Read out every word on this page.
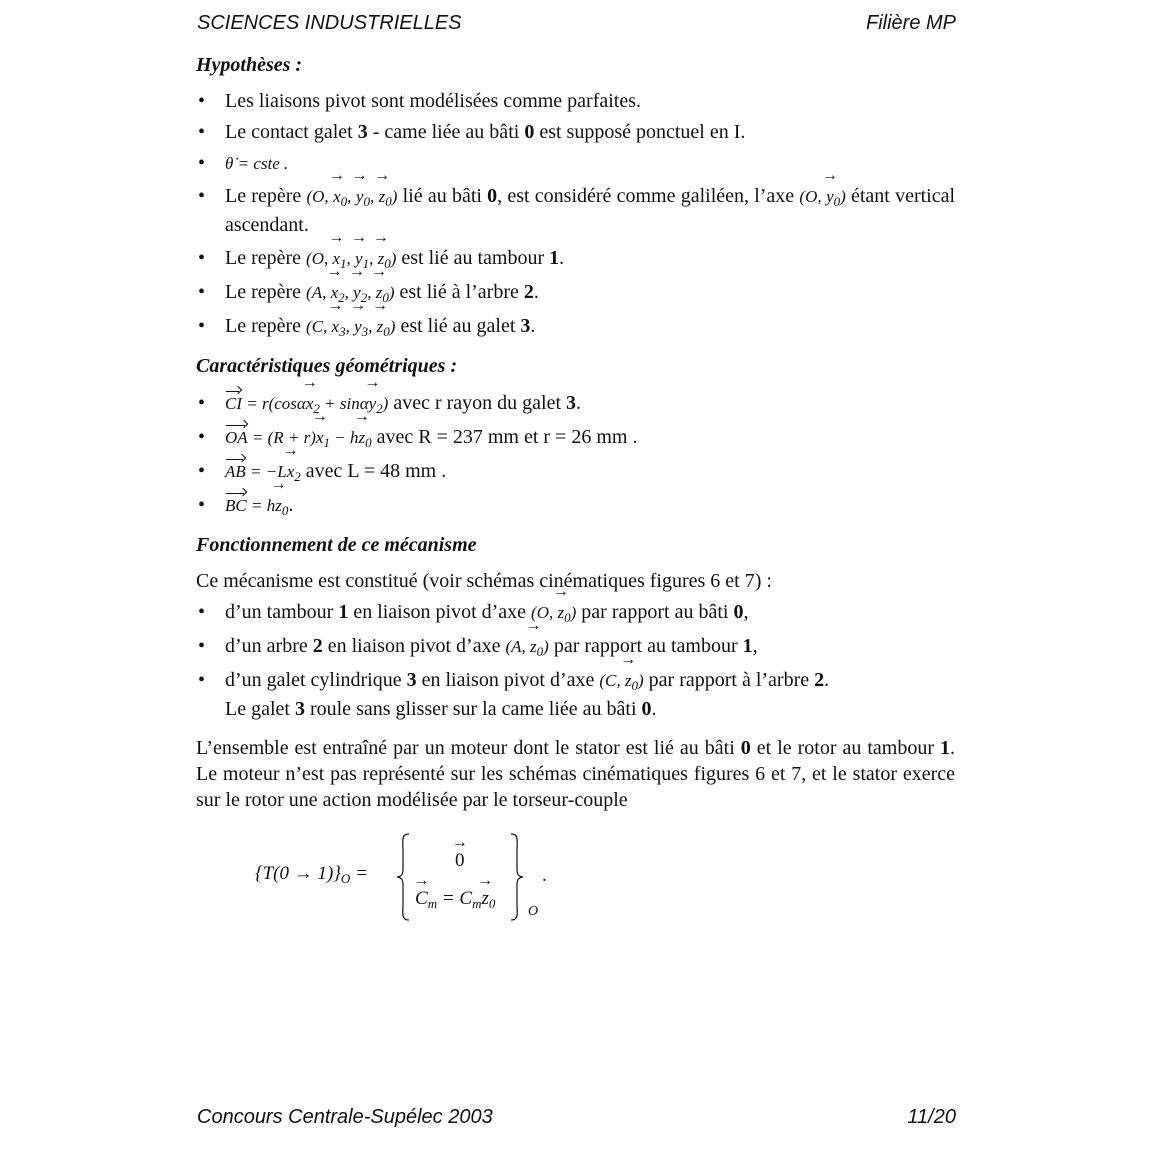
SCIENCES INDUSTRIELLES	Filière MP
Hypothèses :
• Les liaisons pivot sont modélisées comme parfaites.
• Le contact galet 3 - came liée au bâti 0 est supposé ponctuel en I.
• θ̇ = cste .
• Le repère (O, → $x_0$, → $y_0$, → $z_0$) lié au bâti 0, est considéré comme galiléen, l’axe (O, → $y_0$) étant vertical ascendant.
• Le repère (O, → $x_1$, → $y_1$, → $z_0$) est lié au tambour 1.
• Le repère (A, → $x_2$, → $y_2$, → $z_0$) est lié à l’arbre 2.
• Le repère (C, → $x_3$, → $y_3$, → $z_0$) est lié au galet 3.
Caractéristiques géométriques :
• CI = $r(\cos\alpha\to x_2 + \sin\alpha\to y_2)$ avec r rayon du galet 3.
• OA = $(R + r)\to x_1 - h\to z_0$ avec R = 237 mm et r = 26 mm .
• AB = $-L\to x_2$ avec L = 48 mm .
• BC = $h\to z_0$.
Fonctionnement de ce mécanisme
Ce mécanisme est constitué (voir schémas cinématiques figures 6 et 7) :
• d’un tambour 1 en liaison pivot d’axe (O, → $z_0$) par rapport au bâti 0,
• d’un arbre 2 en liaison pivot d’axe (A, → $z_0$) par rapport au tambour 1,
• d’un galet cylindrique 3 en liaison pivot d’axe (C, → $z_0$) par rapport à l’arbre 2.
Le galet 3 roule sans glisser sur la came liée au bâti 0.
L’ensemble est entraîné par un moteur dont le stator est lié au bâti 0 et le rotor au tambour 1. Le moteur n’est pas représenté sur les schémas cinématiques figures 6 et 7, et le stator exerce sur le rotor une action modélisée par le torseur-couple
$\{T(0 \to 1)\}_O$ =
→ 0
→ $C_m = C_m\to z_0$
O
.
Concours Centrale-Supélec 2003	11/20
